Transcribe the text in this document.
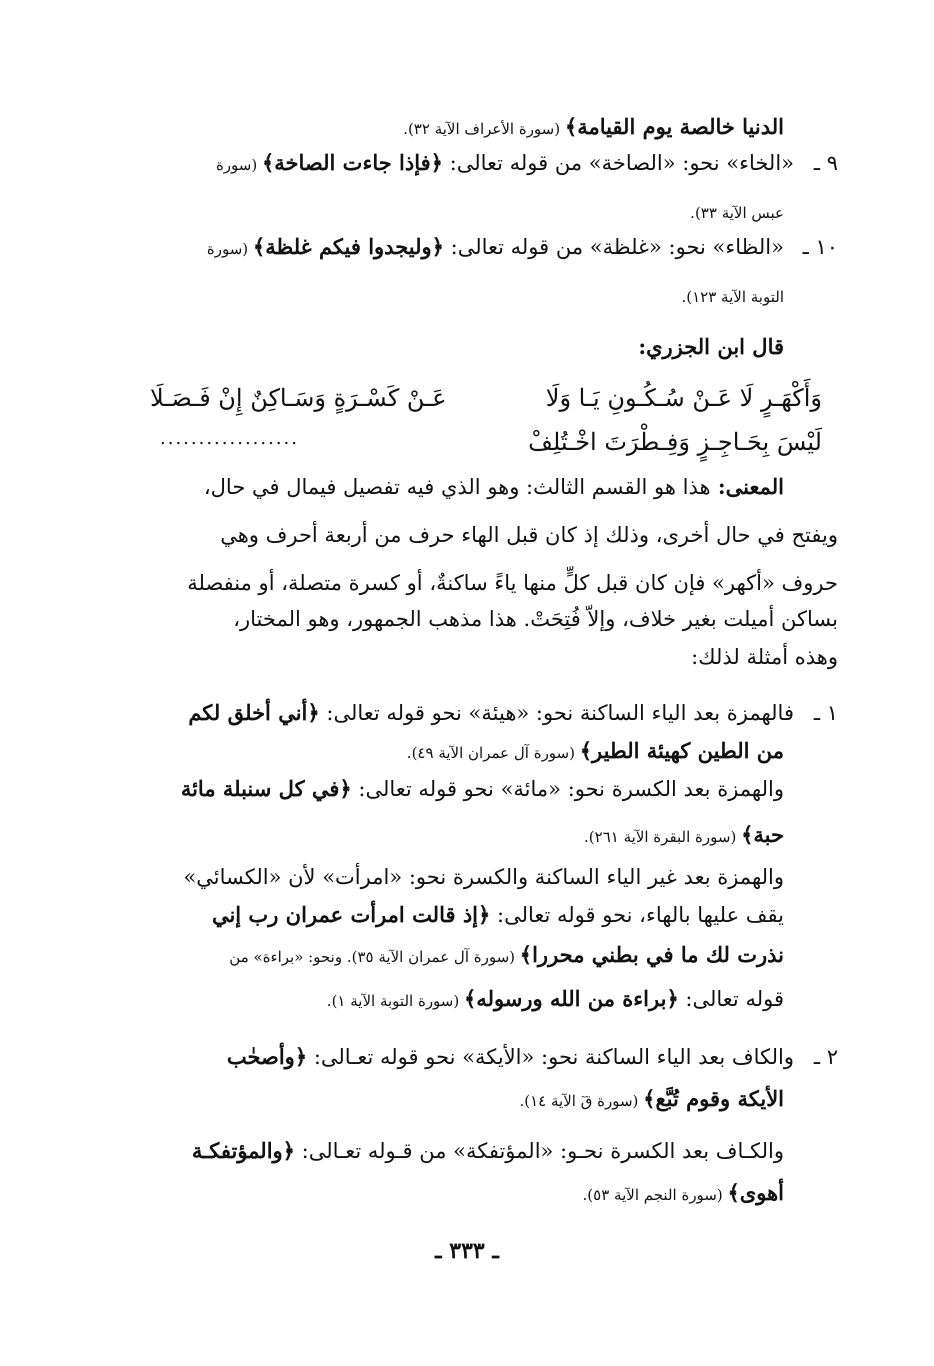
الدنيا خالصة يوم القيامة﴾ (سورة الأعراف الآية ٣٢).
٩ ـ
«الخاء» نحو: «الصاخة» من قوله تعالى: ﴿فإذا جاءت الصاخة﴾ (سورة
عبس الآية ٣٣).
١٠ ـ
«الظاء» نحو: «غلظة» من قوله تعالى: ﴿وليجدوا فيكم غلظة﴾ (سورة
التوبة الآية ١٢٣).
قال ابن الجزري:
وَأَكْهَـرٍ لَا عَـنْ سُـكُـونِ يَـا وَلَا
عَـنْ كَسْـرَةٍ وَسَـاكِنٌ إِنْ فَـصَـلَا
لَيْسَ بِحَـاجِـزٍ وَفِـطْرَتَ اخْـتُلِفْ
..................
المعنى: هذا هو القسم الثالث: وهو الذي فيه تفصيل فيمال في حال،
ويفتح في حال أخرى، وذلك إذ كان قبل الهاء حرف من أربعة أحرف وهي
حروف «أكهر» فإن كان قبل كلٍّ منها ياءً ساكنةٌ، أو كسرة متصلة، أو منفصلة
بساكن أميلت بغير خلاف، وإلاّ فُتِحَتْ. هذا مذهب الجمهور، وهو المختار،
وهذه أمثلة لذلك:
١ ـ
فالهمزة بعد الياء الساكنة نحو: «هيئة» نحو قوله تعالى: ﴿أني أخلق لكم
من الطين كهيئة الطير﴾ (سورة آل عمران الآية ٤٩).
والهمزة بعد الكسرة نحو: «مائة» نحو قوله تعالى: ﴿في كل سنبلة مائة
حبة﴾ (سورة البقرة الآية ٢٦١).
والهمزة بعد غير الياء الساكنة والكسرة نحو: «امرأت» لأن «الكسائي»
يقف عليها بالهاء، نحو قوله تعالى: ﴿إذ قالت امرأت عمران رب إني
نذرت لك ما في بطني محررا﴾ (سورة آل عمران الآية ٣٥). ونحو: «براءة» من
قوله تعالى: ﴿براءة من الله ورسوله﴾ (سورة التوبة الآية ١).
٢ ـ
والكاف بعد الياء الساكنة نحو: «الأيكة» نحو قوله تعـالى: ﴿وأصحٰب
الأيكة وقوم تُبَّع﴾ (سورة قٓ الآية ١٤).
والكـاف بعد الكسرة نحـو: «المؤتفكة» من قـوله تعـالى: ﴿والمؤتفكـة
أهوى﴾ (سورة النجم الآية ٥٣).
ـ ٣٣٣ ـ
